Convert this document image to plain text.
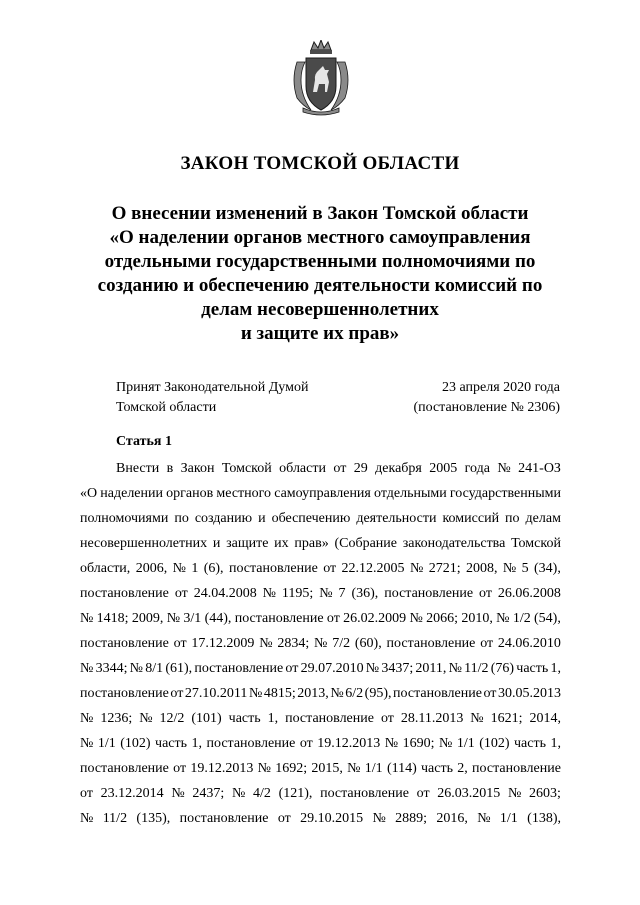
ЗАКОН ТОМСКОЙ ОБЛАСТИ
О внесении изменений в Закон Томской области
«О наделении органов местного самоуправления
отдельными государственными полномочиями по
созданию и обеспечению деятельности комиссий по
делам несовершеннолетних
и защите их прав»
Принят Законодательной Думой
Томской области
23 апреля 2020 года
(постановление № 2306)
Статья 1
Внести в Закон Томской области от 29 декабря 2005 года № 241-ОЗ
«О наделении органов местного самоуправления отдельными государственными
полномочиями по созданию и обеспечению деятельности комиссий по делам
несовершеннолетних и защите их прав» (Собрание законодательства Томской
области, 2006, № 1 (6), постановление от 22.12.2005 № 2721; 2008, № 5 (34),
постановление от 24.04.2008 № 1195; № 7 (36), постановление от 26.06.2008
№ 1418; 2009, № 3/1 (44), постановление от 26.02.2009 № 2066; 2010, № 1/2 (54),
постановление от 17.12.2009 № 2834; № 7/2 (60), постановление от 24.06.2010
№ 3344; № 8/1 (61), постановление от 29.07.2010 № 3437; 2011, № 11/2 (76) часть 1,
постановление от 27.10.2011 № 4815; 2013, № 6/2 (95), постановление от 30.05.2013
№ 1236; № 12/2 (101) часть 1, постановление от 28.11.2013 № 1621; 2014,
№ 1/1 (102) часть 1, постановление от 19.12.2013 № 1690; № 1/1 (102) часть 1,
постановление от 19.12.2013 № 1692; 2015, № 1/1 (114) часть 2, постановление
от 23.12.2014 № 2437; № 4/2 (121), постановление от 26.03.2015 № 2603;
№ 11/2 (135), постановление от 29.10.2015 № 2889; 2016, № 1/1 (138),
